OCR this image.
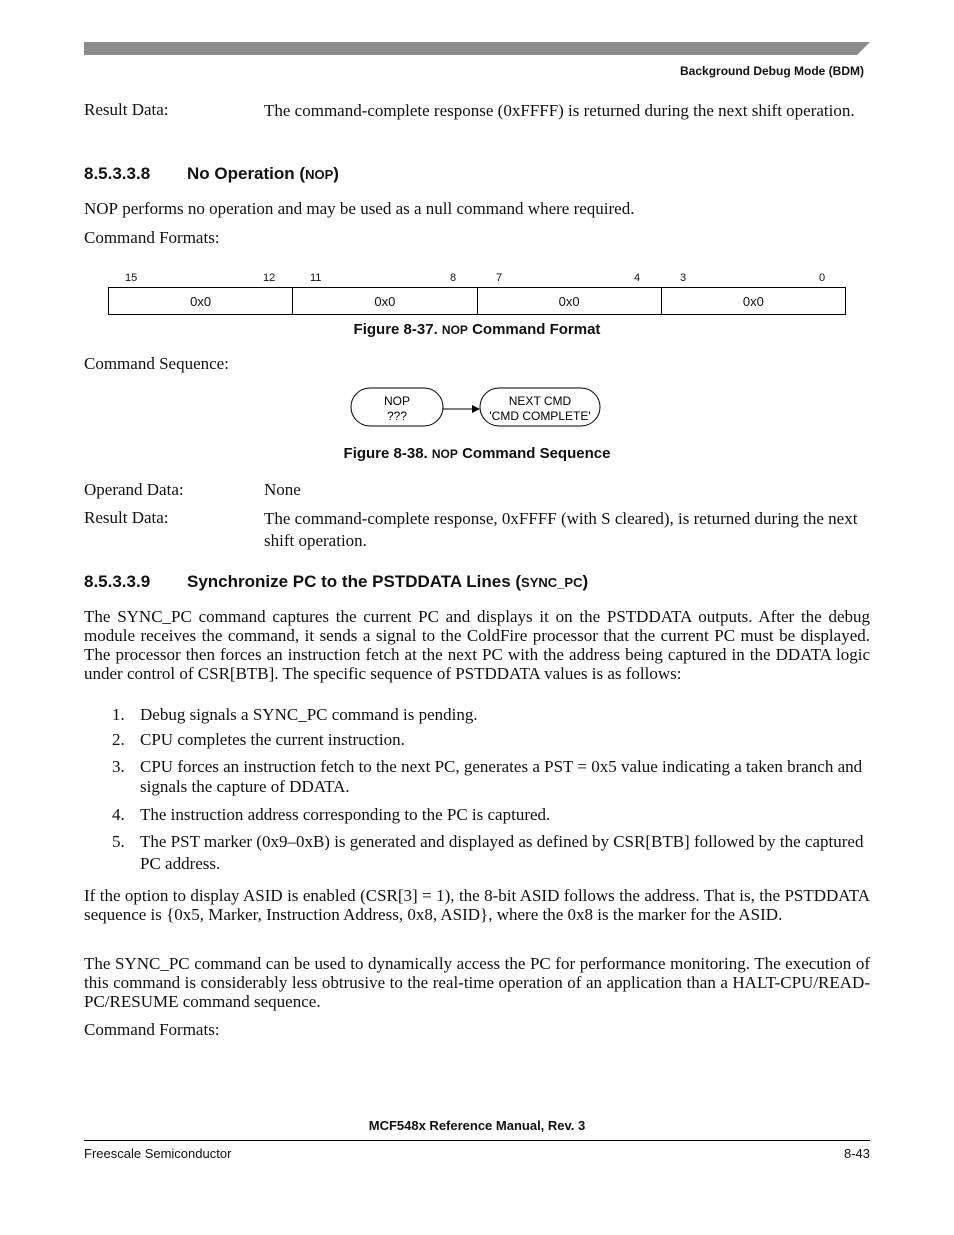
Background Debug Mode (BDM)
Result Data:	The command-complete response (0xFFFF) is returned during the next shift operation.
8.5.3.3.8 No Operation (NOP)
NOP performs no operation and may be used as a null command where required.
Command Formats:
15	12	11	8	7	4	3	0
0x0	0x0	0x0	0x0
Figure 8-37. NOP Command Format
Command Sequence:
NOP
???
NEXT CMD
'CMD COMPLETE'
Figure 8-38. NOP Command Sequence
Operand Data:	None
Result Data:	The command-complete response, 0xFFFF (with S cleared), is returned during the next shift operation.
8.5.3.3.9 Synchronize PC to the PSTDDATA Lines (SYNC_PC)
The SYNC_PC command captures the current PC and displays it on the PSTDDATA outputs. After the debug module receives the command, it sends a signal to the ColdFire processor that the current PC must be displayed. The processor then forces an instruction fetch at the next PC with the address being captured in the DDATA logic under control of CSR[BTB]. The specific sequence of PSTDDATA values is as follows:
1. Debug signals a SYNC_PC command is pending.
2. CPU completes the current instruction.
3. CPU forces an instruction fetch to the next PC, generates a PST = 0x5 value indicating a taken branch and signals the capture of DDATA.
4. The instruction address corresponding to the PC is captured.
5. The PST marker (0x9–0xB) is generated and displayed as defined by CSR[BTB] followed by the captured PC address.
If the option to display ASID is enabled (CSR[3] = 1), the 8-bit ASID follows the address. That is, the PSTDDATA sequence is {0x5, Marker, Instruction Address, 0x8, ASID}, where the 0x8 is the marker for the ASID.
The SYNC_PC command can be used to dynamically access the PC for performance monitoring. The execution of this command is considerably less obtrusive to the real-time operation of an application than a HALT-CPU/READ-PC/RESUME command sequence.
Command Formats:
MCF548x Reference Manual, Rev. 3
Freescale Semiconductor	8-43
